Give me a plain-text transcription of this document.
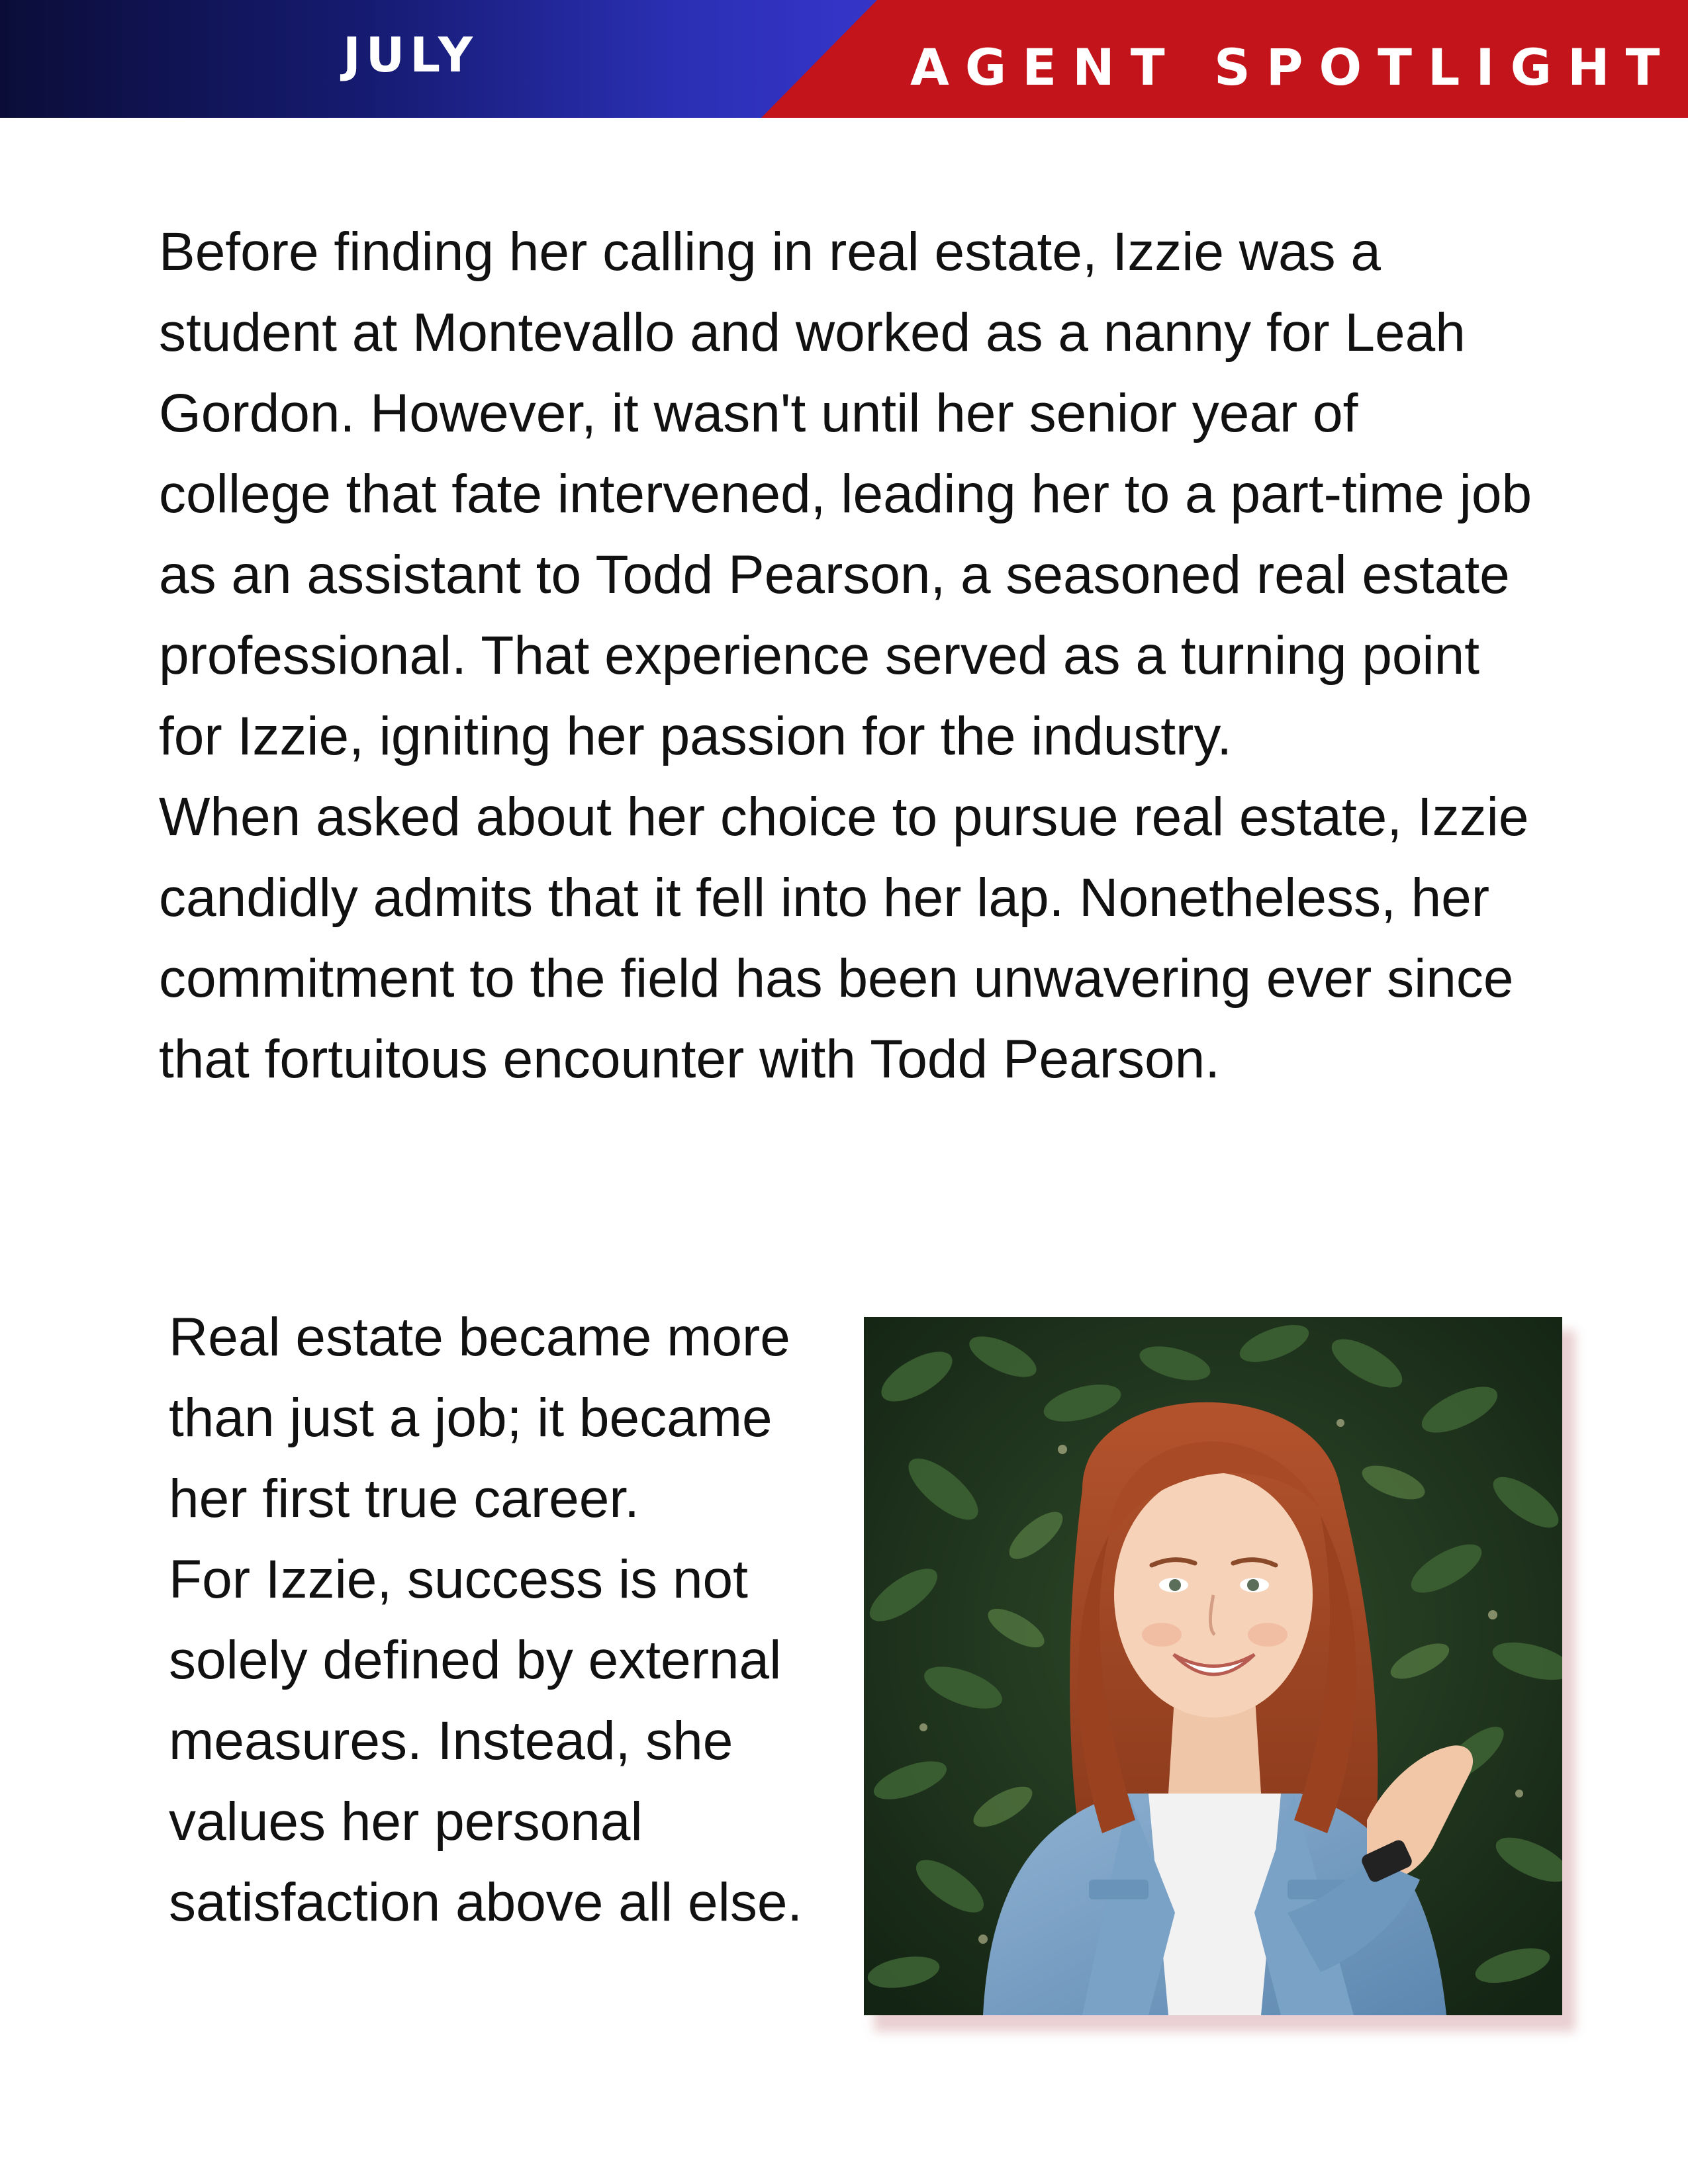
JULY	AGENT SPOTLIGHT

Before finding her calling in real estate, Izzie was a student at Montevallo and worked as a nanny for Leah Gordon. However, it wasn't until her senior year of college that fate intervened, leading her to a part-time job as an assistant to Todd Pearson, a seasoned real estate professional. That experience served as a turning point for Izzie, igniting her passion for the industry.

When asked about her choice to pursue real estate, Izzie candidly admits that it fell into her lap. Nonetheless, her commitment to the field has been unwavering ever since that fortuitous encounter with Todd Pearson.

Real estate became more than just a job; it became her first true career.

For Izzie, success is not solely defined by external measures. Instead, she values her personal satisfaction above all else.
